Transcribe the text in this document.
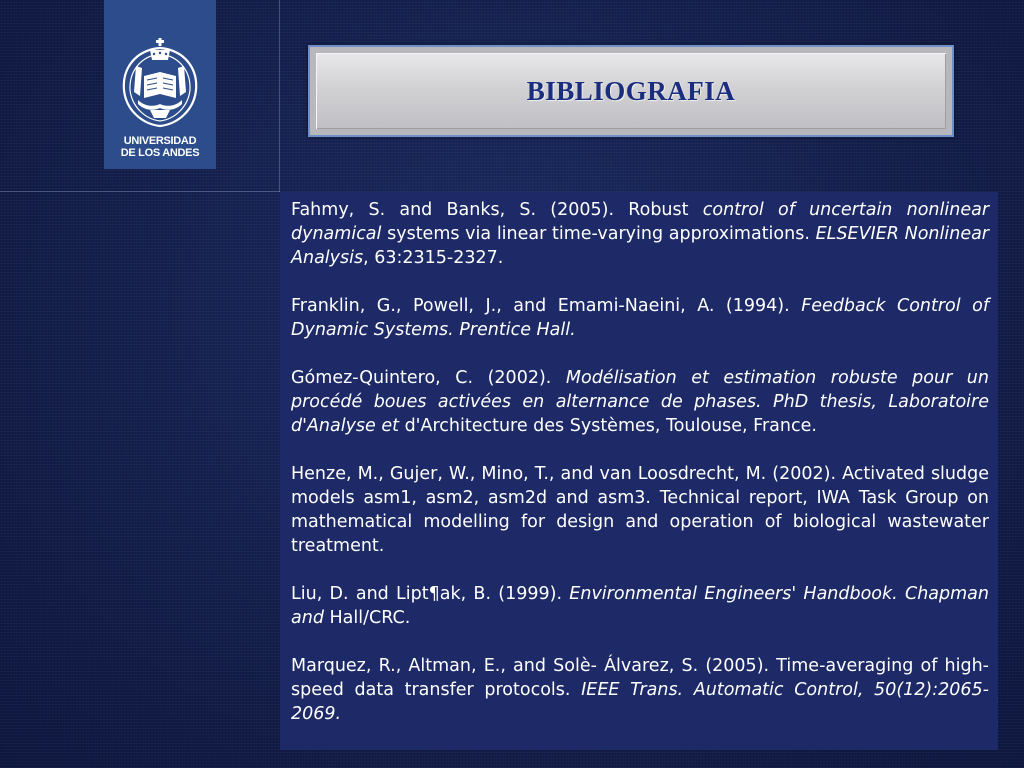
UNIVERSIDAD
DE LOS ANDES
BIBLIOGRAFIA

Fahmy, S. and Banks, S. (2005). Robust control of uncertain nonlinear dynamical systems via linear time-varying approximations. ELSEVIER Nonlinear Analysis, 63:2315-2327.

Franklin, G., Powell, J., and Emami-Naeini, A. (1994). Feedback Control of Dynamic Systems. Prentice Hall.

Gómez-Quintero, C. (2002). Modélisation et estimation robuste pour un procédé boues activées en alternance de phases. PhD thesis, Laboratoire d'Analyse et d'Architecture des Systèmes, Toulouse, France.

Henze, M., Gujer, W., Mino, T., and van Loosdrecht, M. (2002). Activated sludge models asm1, asm2, asm2d and asm3. Technical report, IWA Task Group on mathematical modelling for design and operation of biological wastewater treatment.

Liu, D. and Lipt¶ak, B. (1999). Environmental Engineers' Handbook. Chapman and Hall/CRC.

Marquez, R., Altman, E., and Solè- Álvarez, S. (2005). Time-averaging of high-speed data transfer protocols. IEEE Trans. Automatic Control, 50(12):2065-2069.
